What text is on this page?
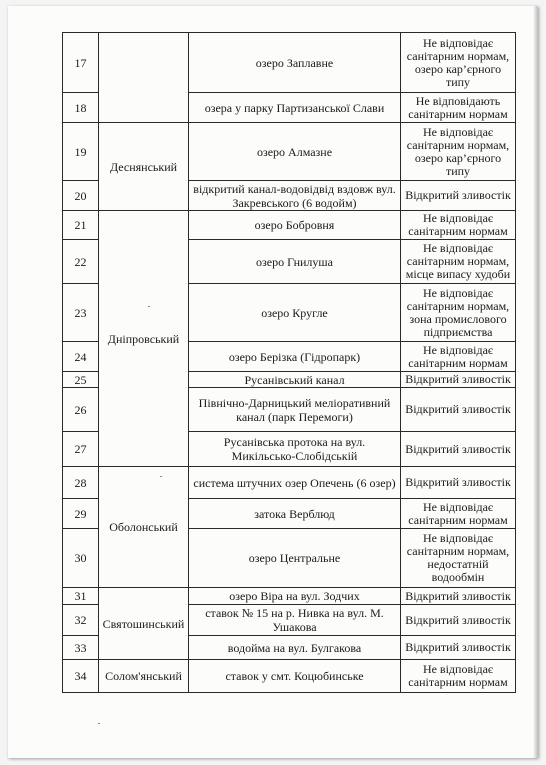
17		озеро Заплавне	Не відповідає санітарним нормам, озеро кар’єрного типу
18		озера у парку Партизанської Слави	Не відповідають санітарним нормам
19	Деснянський	озеро Алмазне	Не відповідає санітарним нормам, озеро кар’єрного типу
20		відкритий канал-водовідвід вздовж вул. Закревського (6 водойм)	Відкритий зливостік
21	Дніпровський	озеро Бобровня	Не відповідає санітарним нормам
22		озеро Гнилуша	Не відповідає санітарним нормам, місце випасу худоби
23		озеро Кругле	Не відповідає санітарним нормам, зона промислового підприємства
24		озеро Берізка (Гідропарк)	Не відповідає санітарним нормам
25		Русанівський канал	Відкритий зливостік
26		Північно-Дарницький меліоративний канал (парк Перемоги)	Відкритий зливостік
27		Русанівська протока на вул. Микільсько-Слобідській	Відкритий зливостік
28	Оболонський	система штучних озер Опечень (6 озер)	Відкритий зливостік
29		затока Верблюд	Не відповідає санітарним нормам
30		озеро Центральне	Не відповідає санітарним нормам, недостатній водообмін
31	Святошинський	озеро Віра на вул. Зодчих	Відкритий зливостік
32		ставок № 15 на р. Нивка на вул. М. Ушакова	Відкритий зливостік
33		водойма на вул. Булгакова	Відкритий зливостік
34	Солом'янський	ставок у смт. Коцюбинське	Не відповідає санітарним нормам
